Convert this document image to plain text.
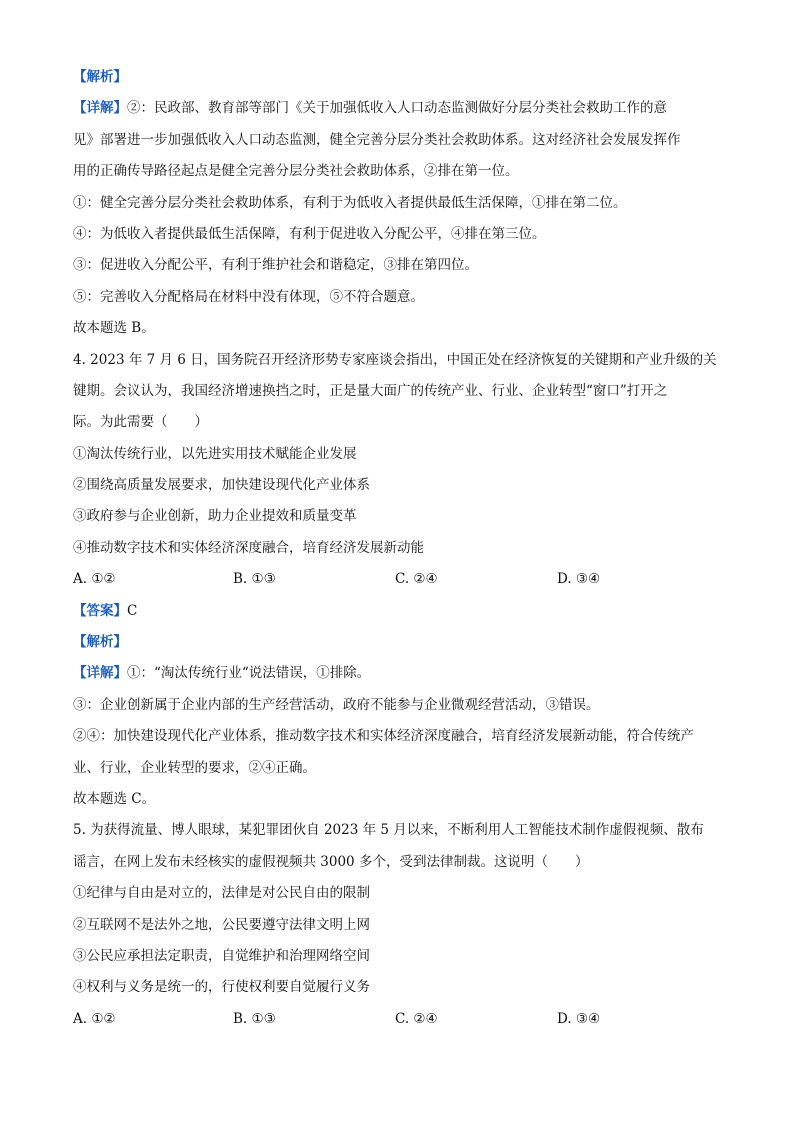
【解析】
【详解】②：民政部、教育部等部门《关于加强低收入人口动态监测做好分层分类社会救助工作的意
见》部署进一步加强低收入人口动态监测，健全完善分层分类社会救助体系。这对经济社会发展发挥作
用的正确传导路径起点是健全完善分层分类社会救助体系，②排在第一位。
①：健全完善分层分类社会救助体系，有利于为低收入者提供最低生活保障，①排在第二位。
④：为低收入者提供最低生活保障，有利于促进收入分配公平，④排在第三位。
③：促进收入分配公平，有利于维护社会和谐稳定，③排在第四位。
⑤：完善收入分配格局在材料中没有体现，⑤不符合题意。
故本题选 B。
4. 2023 年 7 月 6 日，国务院召开经济形势专家座谈会指出，中国正处在经济恢复的关键期和产业升级的关
键期。会议认为，我国经济增速换挡之时，正是量大面广的传统产业、行业、企业转型“窗口”打开之
际。为此需要（　　）
①淘汰传统行业，以先进实用技术赋能企业发展
②围绕高质量发展要求，加快建设现代化产业体系
③政府参与企业创新，助力企业提效和质量变革
④推动数字技术和实体经济深度融合，培育经济发展新动能
A. ①②	B. ①③	C. ②④	D. ③④
【答案】C
【解析】
【详解】①：“淘汰传统行业“说法错误，①排除。
③：企业创新属于企业内部的生产经营活动，政府不能参与企业微观经营活动，③错误。
②④：加快建设现代化产业体系，推动数字技术和实体经济深度融合，培育经济发展新动能，符合传统产
业、行业，企业转型的要求，②④正确。
故本题选 C。
5. 为获得流量、博人眼球，某犯罪团伙自 2023 年 5 月以来，不断利用人工智能技术制作虚假视频、散布
谣言，在网上发布未经核实的虚假视频共 3000 多个，受到法律制裁。这说明（　　）
①纪律与自由是对立的，法律是对公民自由的限制
②互联网不是法外之地，公民要遵守法律文明上网
③公民应承担法定职责，自觉维护和治理网络空间
④权利与义务是统一的，行使权利要自觉履行义务
A. ①②	B. ①③	C. ②④	D. ③④
